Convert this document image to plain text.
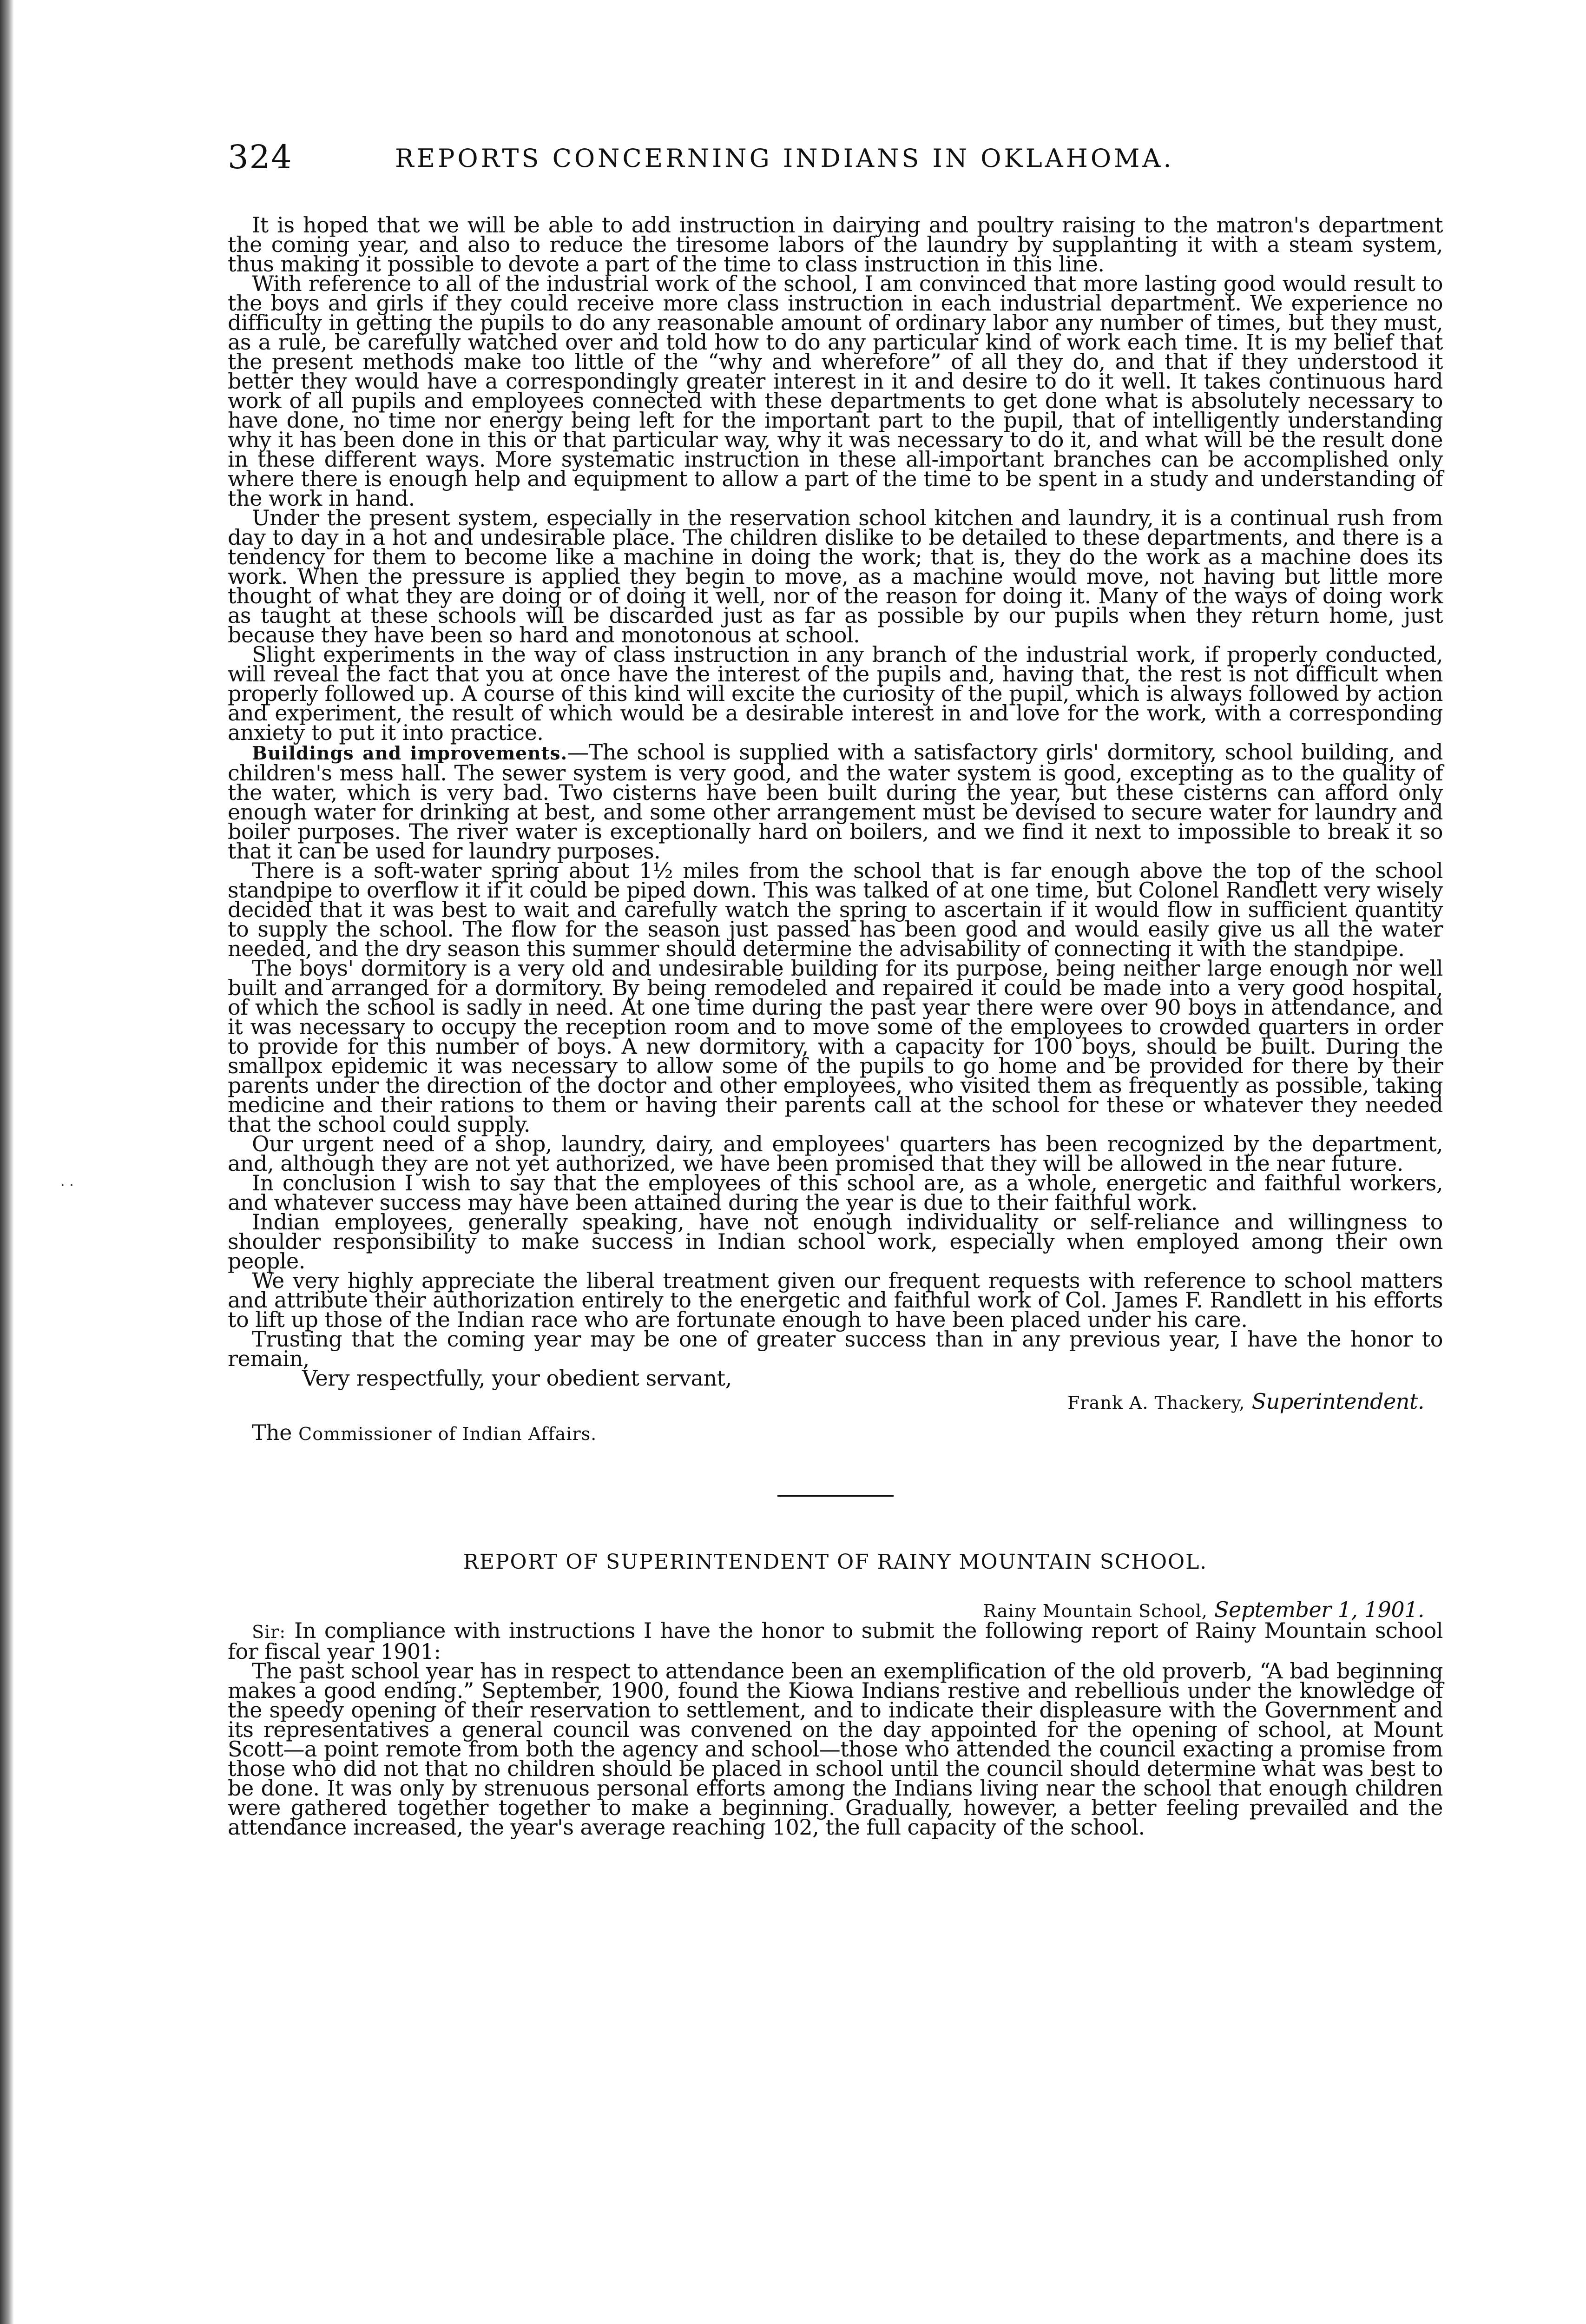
. .
324	REPORTS CONCERNING INDIANS IN OKLAHOMA.

It is hoped that we will be able to add instruction in dairying and poultry raising to the matron's department the coming year, and also to reduce the tiresome labors of the laundry by supplanting it with a steam system, thus making it possible to devote a part of the time to class instruction in this line.

With reference to all of the industrial work of the school, I am convinced that more lasting good would result to the boys and girls if they could receive more class instruction in each industrial department. We experience no difficulty in getting the pupils to do any reasonable amount of ordinary labor any number of times, but they must, as a rule, be carefully watched over and told how to do any particular kind of work each time. It is my belief that the present methods make too little of the “why and wherefore” of all they do, and that if they understood it better they would have a correspondingly greater interest in it and desire to do it well. It takes continuous hard work of all pupils and employees connected with these departments to get done what is absolutely necessary to have done, no time nor energy being left for the important part to the pupil, that of intelligently understanding why it has been done in this or that particular way, why it was necessary to do it, and what will be the result done in these different ways. More systematic instruction in these all-important branches can be accomplished only where there is enough help and equipment to allow a part of the time to be spent in a study and understanding of the work in hand.

Under the present system, especially in the reservation school kitchen and laundry, it is a continual rush from day to day in a hot and undesirable place. The children dislike to be detailed to these departments, and there is a tendency for them to become like a machine in doing the work; that is, they do the work as a machine does its work. When the pressure is applied they begin to move, as a machine would move, not having but little more thought of what they are doing or of doing it well, nor of the reason for doing it. Many of the ways of doing work as taught at these schools will be discarded just as far as possible by our pupils when they return home, just because they have been so hard and monotonous at school.

Slight experiments in the way of class instruction in any branch of the industrial work, if properly conducted, will reveal the fact that you at once have the interest of the pupils and, having that, the rest is not difficult when properly followed up. A course of this kind will excite the curiosity of the pupil, which is always followed by action and experiment, the result of which would be a desirable interest in and love for the work, with a corresponding anxiety to put it into practice.

Buildings and improvements.—The school is supplied with a satisfactory girls' dormitory, school building, and children's mess hall. The sewer system is very good, and the water system is good, excepting as to the quality of the water, which is very bad. Two cisterns have been built during the year, but these cisterns can afford only enough water for drinking at best, and some other arrangement must be devised to secure water for laundry and boiler purposes. The river water is exceptionally hard on boilers, and we find it next to impossible to break it so that it can be used for laundry purposes.

There is a soft-water spring about 1½ miles from the school that is far enough above the top of the school standpipe to overflow it if it could be piped down. This was talked of at one time, but Colonel Randlett very wisely decided that it was best to wait and carefully watch the spring to ascertain if it would flow in sufficient quantity to supply the school. The flow for the season just passed has been good and would easily give us all the water needed, and the dry season this summer should determine the advisability of connecting it with the standpipe.

The boys' dormitory is a very old and undesirable building for its purpose, being neither large enough nor well built and arranged for a dormitory. By being remodeled and repaired it could be made into a very good hospital, of which the school is sadly in need. At one time during the past year there were over 90 boys in attendance, and it was necessary to occupy the reception room and to move some of the employees to crowded quarters in order to provide for this number of boys. A new dormitory, with a capacity for 100 boys, should be built. During the smallpox epidemic it was necessary to allow some of the pupils to go home and be provided for there by their parents under the direction of the doctor and other employees, who visited them as frequently as possible, taking medicine and their rations to them or having their parents call at the school for these or whatever they needed that the school could supply.

Our urgent need of a shop, laundry, dairy, and employees' quarters has been recognized by the department, and, although they are not yet authorized, we have been promised that they will be allowed in the near future.

In conclusion I wish to say that the employees of this school are, as a whole, energetic and faithful workers, and whatever success may have been attained during the year is due to their faithful work.

Indian employees, generally speaking, have not enough individuality or self-reliance and willingness to shoulder responsibility to make success in Indian school work, especially when employed among their own people.

We very highly appreciate the liberal treatment given our frequent requests with reference to school matters and attribute their authorization entirely to the energetic and faithful work of Col. James F. Randlett in his efforts to lift up those of the Indian race who are fortunate enough to have been placed under his care.

Trusting that the coming year may be one of greater success than in any previous year, I have the honor to remain,

Very respectfully, your obedient servant,

Frank A. Thackery, Superintendent.

The Commissioner of Indian Affairs.

REPORT OF SUPERINTENDENT OF RAINY MOUNTAIN SCHOOL.

Rainy Mountain School, September 1, 1901.

Sir: In compliance with instructions I have the honor to submit the following report of Rainy Mountain school for fiscal year 1901:

The past school year has in respect to attendance been an exemplification of the old proverb, “A bad beginning makes a good ending.” September, 1900, found the Kiowa Indians restive and rebellious under the knowledge of the speedy opening of their reservation to settlement, and to indicate their displeasure with the Government and its representatives a general council was convened on the day appointed for the opening of school, at Mount Scott—a point remote from both the agency and school—those who attended the council exacting a promise from those who did not that no children should be placed in school until the council should determine what was best to be done. It was only by strenuous personal efforts among the Indians living near the school that enough children were gathered together together to make a beginning. Gradually, however, a better feeling prevailed and the attendance increased, the year's average reaching 102, the full capacity of the school.
